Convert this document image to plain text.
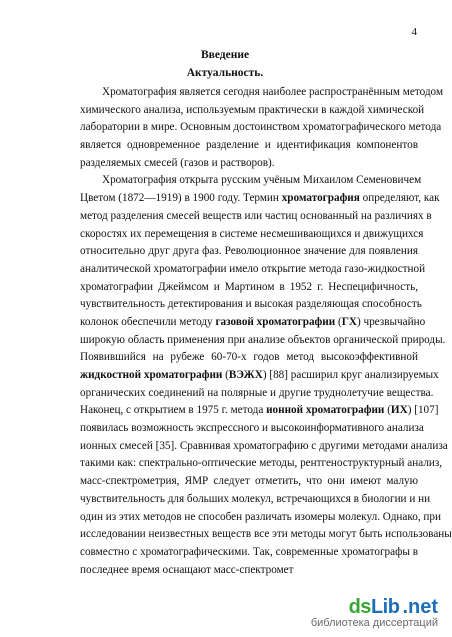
4
Введение
Актуальность.
Хроматография является сегодня наиболее распространённым методом
химического анализа, используемым практически в каждой химической
лаборатории в мире. Основным достоинством хроматографического метода
является одновременное разделение и идентификация компонентов
разделяемых смесей (газов и растворов).
Хроматография открыта русским учёным Михаилом Семеновичем
Цветом (1872—1919) в 1900 году. Термин хроматография определяют, как
метод разделения смесей веществ или частиц основанный на различиях в
скоростях их перемещения в системе несмешивающихся и движущихся
относительно друг друга фаз. Революционное значение для появления
аналитической хроматографии имело открытие метода газо-жидкостной
хроматографии Джеймсом и Мартином в 1952 г. Неспецифичность,
чувствительность детектирования и высокая разделяющая способность
колонок обеспечили методу газовой хроматографии (ГХ) чрезвычайно
широкую область применения при анализе объектов органической природы.
Появившийся на рубеже 60-70-х годов метод высокоэффективной
жидкостной хроматографии (ВЭЖХ) [88] расширил круг анализируемых
органических соединений на полярные и другие труднолетучие вещества.
Наконец, с открытием в 1975 г. метода ионной хроматографии (ИХ) [107]
появилась возможность экспрессного и высокоинформативного анализа
ионных смесей [35]. Сравнивая хроматографию с другими методами анализа
такими как: спектрально-оптические методы, рентгеноструктурный анализ,
масс-спектрометрия, ЯМР следует отметить, что они имеют малую
чувствительность для больших молекул, встречающихся в биологии и ни
один из этих методов не способен различать изомеры молекул. Однако, при
исследовании неизвестных веществ все эти методы могут быть использованы
совместно с хроматографическими. Так, современные хроматографы в
последнее время оснащают масс-спектромет
dsLib .net
библиотека диссертаций
